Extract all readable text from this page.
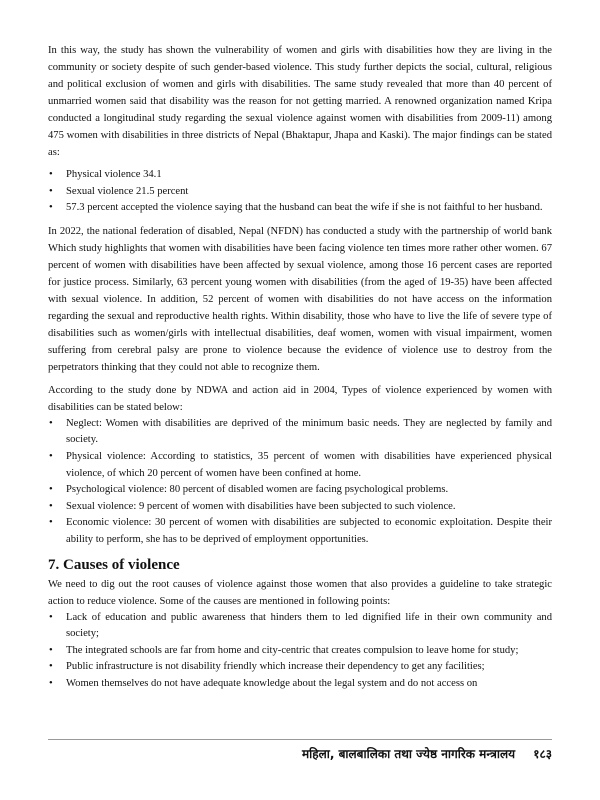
In this way, the study has shown the vulnerability of women and girls with disabilities how they are living in the community or society despite of such gender-based violence. This study further depicts the social, cultural, religious and political exclusion of women and girls with disabilities. The same study revealed that more than 40 percent of unmarried women said that disability was the reason for not getting married. A renowned organization named Kripa conducted a longitudinal study regarding the sexual violence against women with disabilities from 2009-11) among 475 women with disabilities in three districts of Nepal (Bhaktapur, Jhapa and Kaski). The major findings can be stated as:

• Physical violence 34.1
• Sexual violence 21.5 percent
• 57.3 percent accepted the violence saying that the husband can beat the wife if she is not faithful to her husband.

In 2022, the national federation of disabled, Nepal (NFDN) has conducted a study with the partnership of world bank Which study highlights that women with disabilities have been facing violence ten times more rather other women. 67 percent of women with disabilities have been affected by sexual violence, among those 16 percent cases are reported for justice process. Similarly, 63 percent young women with disabilities (from the aged of 19-35) have been affected with sexual violence. In addition, 52 percent of women with disabilities do not have access on the information regarding the sexual and reproductive health rights. Within disability, those who have to live the life of severe type of disabilities such as women/girls with intellectual disabilities, deaf women, women with visual impairment, women suffering from cerebral palsy are prone to violence because the evidence of violence use to destroy from the perpetrators thinking that they could not able to recognize them.

According to the study done by NDWA and action aid in 2004, Types of violence experienced by women with disabilities can be stated below:

• Neglect: Women with disabilities are deprived of the minimum basic needs. They are neglected by family and society.
• Physical violence: According to statistics, 35 percent of women with disabilities have experienced physical violence, of which 20 percent of women have been confined at home.
• Psychological violence: 80 percent of disabled women are facing psychological problems.
• Sexual violence: 9 percent of women with disabilities have been subjected to such violence.
• Economic violence: 30 percent of women with disabilities are subjected to economic exploitation. Despite their ability to perform, she has to be deprived of employment opportunities.
7. Causes of violence

We need to dig out the root causes of violence against those women that also provides a guideline to take strategic action to reduce violence. Some of the causes are mentioned in following points:

• Lack of education and public awareness that hinders them to led dignified life in their own community and society;
• The integrated schools are far from home and city-centric that creates compulsion to leave home for study;
• Public infrastructure is not disability friendly which increase their dependency to get any facilities;
• Women themselves do not have adequate knowledge about the legal system and do not access on
महिला, बालबालिका तथा ज्येष्ठ नागरिक मन्त्रालय १८३
